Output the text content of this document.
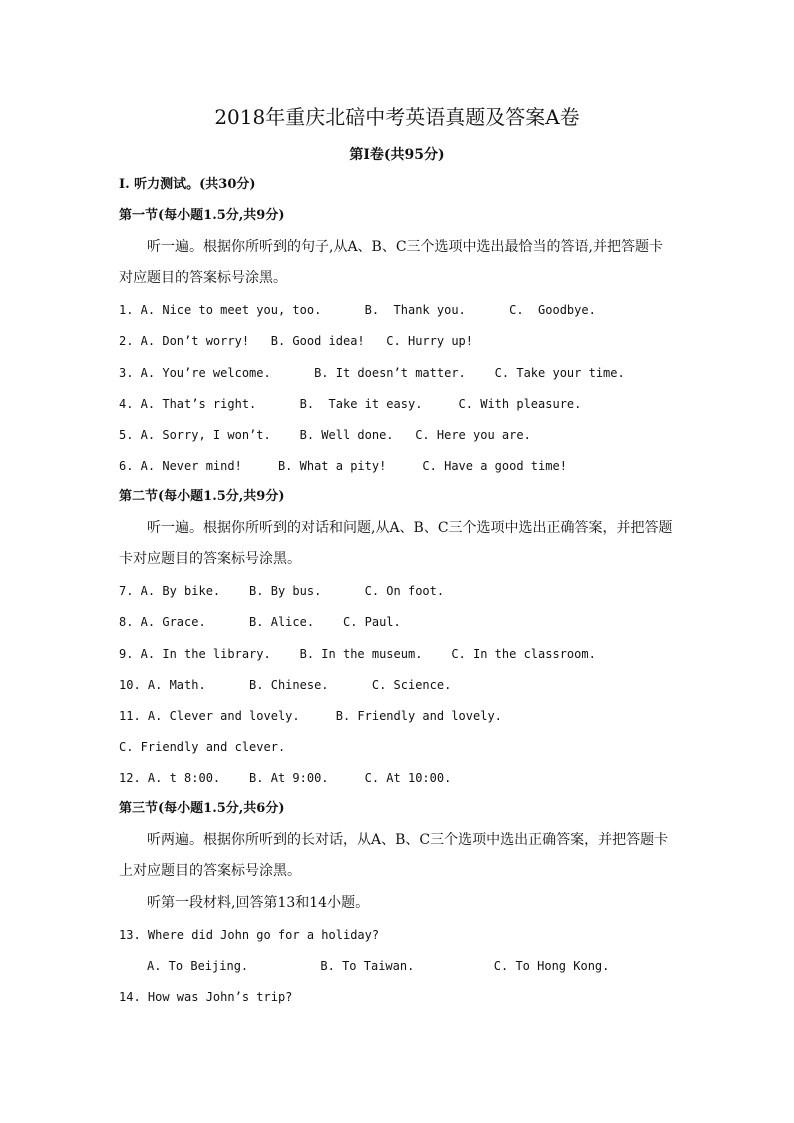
2018年重庆北碚中考英语真题及答案A卷
第Ⅰ卷(共95分)
Ⅰ. 听力测试。(共30分)
第一节(每小题1.5分,共9分)
听一遍。根据你所听到的句子,从A、B、C三个选项中选出最恰当的答语,并把答题卡
对应题目的答案标号涂黑。
1. A. Nice to meet you, too.      B.  Thank you.      C.  Goodbye.
2. A. Don’t worry!   B. Good idea!   C. Hurry up!
3. A. You’re welcome.      B. It doesn’t matter.    C. Take your time.
4. A. That’s right.      B.  Take it easy.     C. With pleasure.
5. A. Sorry, I won’t.    B. Well done.   C. Here you are.
6. A. Never mind!     B. What a pity!     C. Have a good time!
第二节(每小题1.5分,共9分)
听一遍。根据你所听到的对话和问题,从A、B、C三个选项中选出正确答案，并把答题
卡对应题目的答案标号涂黑。
7. A. By bike.    B. By bus.      C. On foot.
8. A. Grace.      B. Alice.    C. Paul.
9. A. In the library.    B. In the museum.    C. In the classroom.
10. A. Math.      B. Chinese.      C. Science.
11. A. Clever and lovely.     B. Friendly and lovely.
C. Friendly and clever.
12. A. t 8:00.    B. At 9:00.     C. At 10:00.
第三节(每小题1.5分,共6分)
听两遍。根据你所听到的长对话，从A、B、C三个选项中选出正确答案，并把答题卡
上对应题目的答案标号涂黑。
听第一段材料,回答第13和14小题。
13. Where did John go for a holiday?
A. To Beijing.          B. To Taiwan.           C. To Hong Kong.
14. How was John’s trip?
